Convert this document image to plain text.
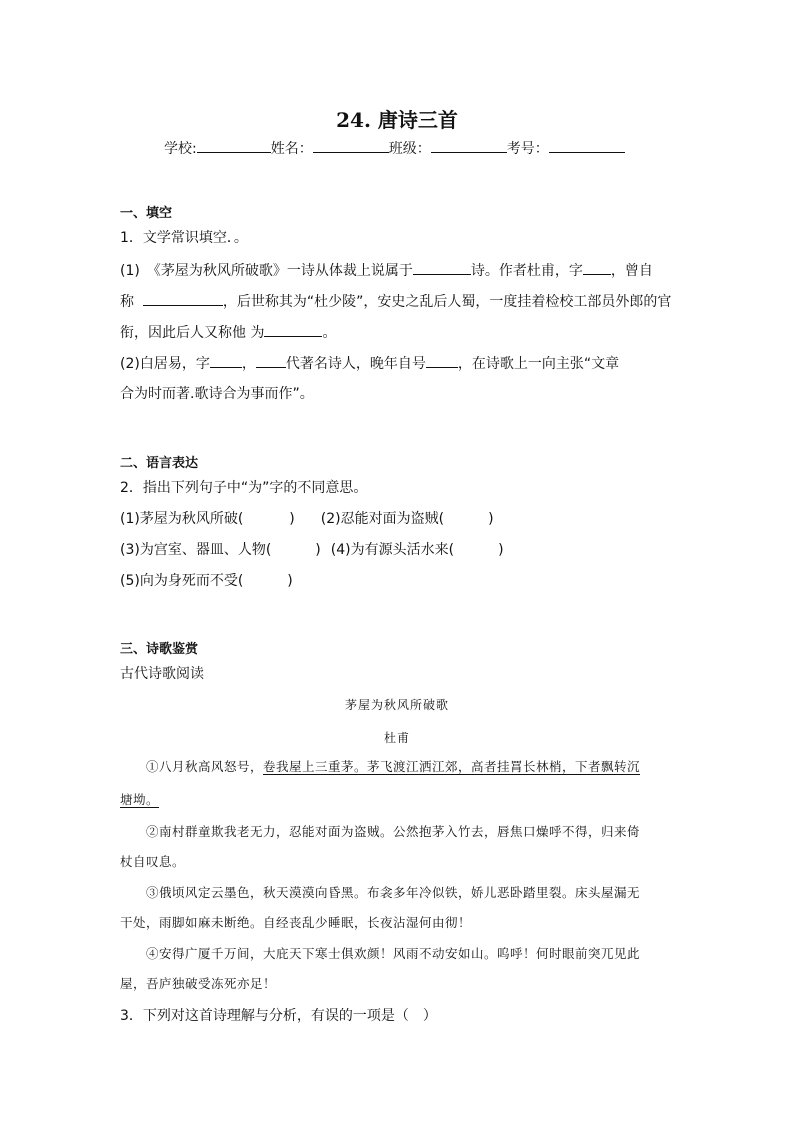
24. 唐诗三首
学校:	姓名：	班级：	考号：
一、填空
1．文学常识填空．。
(1)　《茅屋为秋风所破歌》一诗从体裁上说属于	诗。作者杜甫，字 ，曾自
称	，后世称其为“杜少陵”，安史之乱后人蜀，一度挂着检校工部员外郎的官
衔，因此后人又称他 为	。
(2)白居易，字 ， 代著名诗人，晚年自号 ，在诗歌上一向主张“文章
合为时而著.歌诗合为事而作”。
二、语言表达
2．指出下列句子中“为”字的不同意思。
(1)茅屋为秋风所破(	) (2)忍能对面为盗贼(	)
(3)为宫室、器皿、人物(	) (4)为有源头活水来(	)
(5)向为身死而不受(	)
三、诗歌鉴赏
古代诗歌阅读
茅屋为秋风所破歌
杜甫
①八月秋高风怒号，卷我屋上三重茅。茅飞渡江洒江郊，高者挂罥长林梢，下者飘转沉
塘坳。
②南村群童欺我老无力，忍能对面为盗贼。公然抱茅入竹去，唇焦口燥呼不得，归来倚
杖自叹息。
③俄顷风定云墨色，秋天漠漠向昏黑。布衾多年冷似铁，娇儿恶卧踏里裂。床头屋漏无
干处，雨脚如麻未断绝。自经丧乱少睡眠，长夜沾湿何由彻！
④安得广厦千万间，大庇天下寒士俱欢颜！风雨不动安如山。呜呼！何时眼前突兀见此
屋，吾庐独破受冻死亦足！
3．下列对这首诗理解与分析，有误的一项是（　）
